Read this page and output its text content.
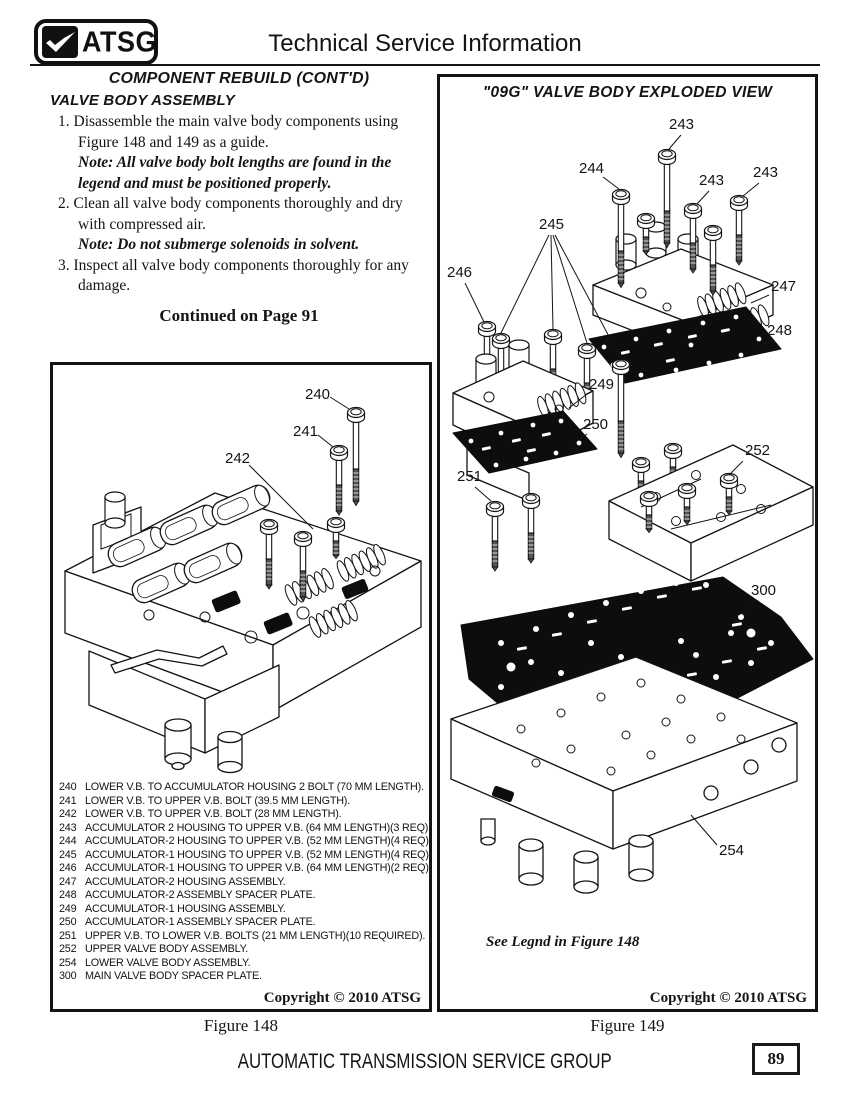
ATSG	Technical Service Information
COMPONENT REBUILD (CONT'D)
VALVE BODY ASSEMBLY

1. Disassemble the main valve body components using Figure 148 and 149 as a guide.

Note: All valve body bolt lengths are found in the legend and must be positioned properly.

2. Clean all valve body components thoroughly and dry with compressed air.

Note: Do not submerge solenoids in solvent.

3. Inspect all valve body components thoroughly for any damage.

Continued on Page 91
240
241
242
240 LOWER V.B. TO ACCUMULATOR HOUSING 2 BOLT (70 MM LENGTH).
241 LOWER V.B. TO UPPER V.B. BOLT (39.5 MM LENGTH).
242 LOWER V.B. TO UPPER V.B. BOLT (28 MM LENGTH).
243 ACCUMULATOR 2 HOUSING TO UPPER V.B. (64 MM LENGTH)(3 REQ).
244 ACCUMULATOR-2 HOUSING TO UPPER V.B. (52 MM LENGTH)(4 REQ).
245 ACCUMULATOR-1 HOUSING TO UPPER V.B. (52 MM LENGTH)(4 REQ).
246 ACCUMULATOR-1 HOUSING TO UPPER V.B. (64 MM LENGTH)(2 REQ).
247 ACCUMULATOR-2 HOUSING ASSEMBLY.
248 ACCUMULATOR-2 ASSEMBLY SPACER PLATE.
249 ACCUMULATOR-1 HOUSING ASSEMBLY.
250 ACCUMULATOR-1 ASSEMBLY SPACER PLATE.
251 UPPER V.B. TO LOWER V.B. BOLTS (21 MM LENGTH)(10 REQUIRED).
252 UPPER VALVE BODY ASSEMBLY.
254 LOWER VALVE BODY ASSEMBLY.
300 MAIN VALVE BODY SPACER PLATE.
Copyright © 2010 ATSG
Figure 148
"09G" VALVE BODY EXPLODED VIEW
243
244
243 243
245
246
247
248
249
250
251
252
300
254
See Legnd in Figure 148
Copyright © 2010 ATSG
Figure 149
AUTOMATIC TRANSMISSION SERVICE GROUP	89
